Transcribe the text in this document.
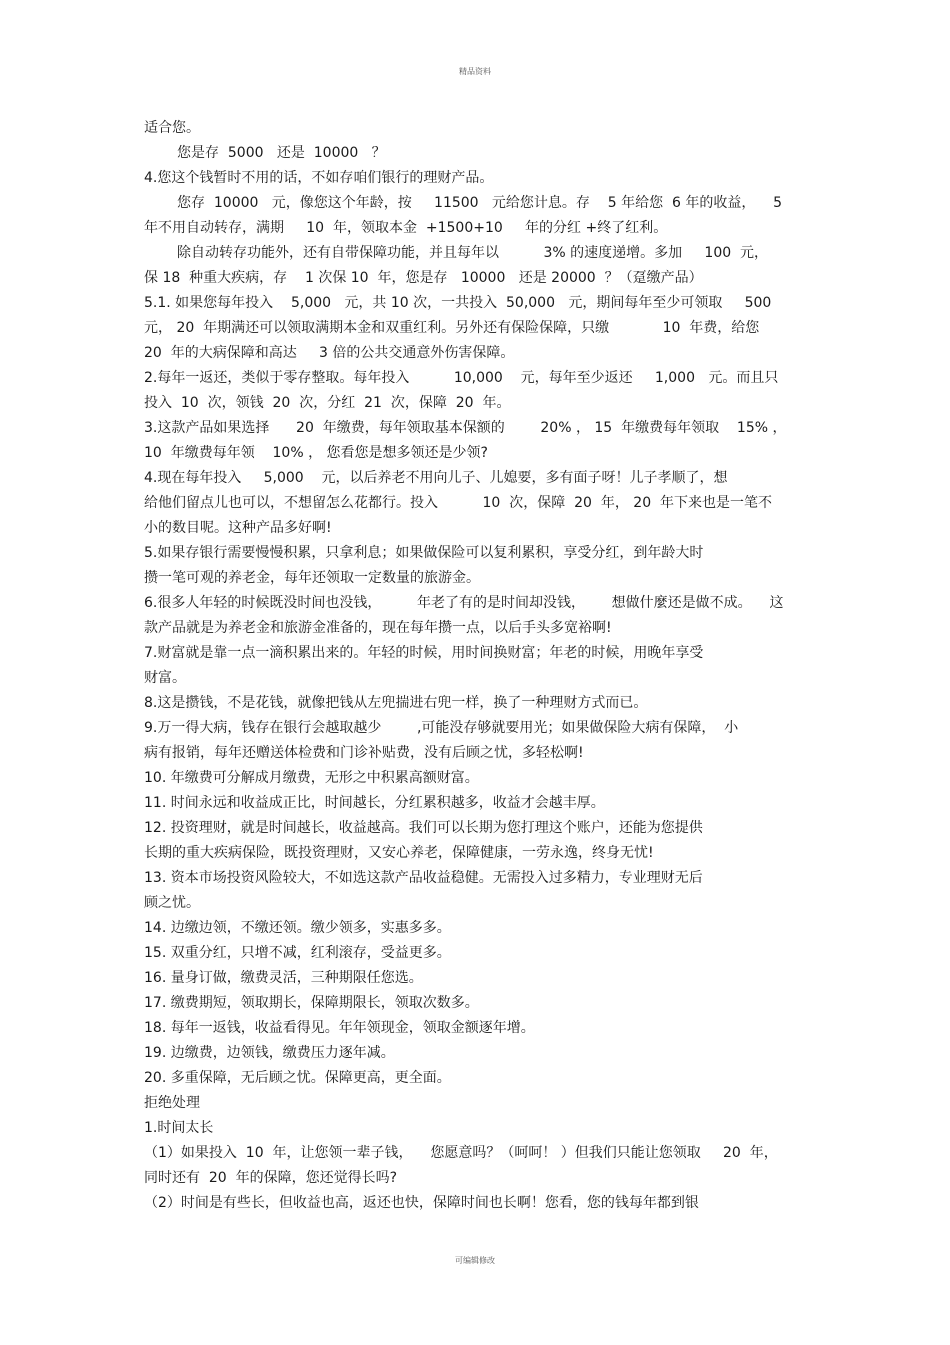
精品资料
适合您。
您是存  5000   还是  10000   ？
4.您这个钱暂时不用的话，不如存咱们银行的理财产品。
您存  10000   元，像您这个年龄，按     11500   元给您计息。存    5 年给您  6 年的收益，    5
年不用自动转存，满期     10  年，领取本金  +1500+10     年的分红 +终了红利。
除自动转存功能外，还有自带保障功能，并且每年以          3% 的速度递增。多加     100  元，
保 18  种重大疾病，存    1 次保 10  年，您是存   10000   还是 20000  ？（趸缴产品）
5.1. 如果您每年投入    5,000   元，共 10 次，一共投入  50,000   元，期间每年至少可领取     500
元， 20  年期满还可以领取满期本金和双重红利。另外还有保险保障，只缴            10  年费，给您
20  年的大病保障和高达     3 倍的公共交通意外伤害保障。
2.每年一返还，类似于零存整取。每年投入          10,000    元，每年至少返还     1,000   元。而且只
投入  10  次，领钱  20  次，分红  21  次，保障  20  年。
3.这款产品如果选择      20  年缴费，每年领取基本保额的        20% ， 15  年缴费每年领取    15% ，
10  年缴费每年领    10% ， 您看您是想多领还是少领?
4.现在每年投入     5,000    元，以后养老不用向儿子、儿媳要，多有面子呀！儿子孝顺了，想
给他们留点儿也可以，不想留怎么花都行。投入          10  次，保障  20  年， 20  年下来也是一笔不
小的数目呢。这种产品多好啊!
5.如果存银行需要慢慢积累，只拿利息；如果做保险可以复利累积，享受分红，到年龄大时
攒一笔可观的养老金，每年还领取一定数量的旅游金。
6.很多人年轻的时候既没时间也没钱，        年老了有的是时间却没钱，      想做什麼还是做不成。    这
款产品就是为养老金和旅游金准备的，现在每年攒一点，以后手头多宽裕啊!
7.财富就是靠一点一滴积累出来的。年轻的时候，用时间换财富；年老的时候，用晚年享受
财富。
8.这是攒钱，不是花钱，就像把钱从左兜揣进右兜一样，换了一种理财方式而已。
9.万一得大病，钱存在银行会越取越少        ,可能没存够就要用光；如果做保险大病有保障，  小
病有报销，每年还赠送体检费和门诊补贴费，没有后顾之忧，多轻松啊!
10. 年缴费可分解成月缴费，无形之中积累高额财富。
11. 时间永远和收益成正比，时间越长，分红累积越多，收益才会越丰厚。
12. 投资理财，就是时间越长，收益越高。我们可以长期为您打理这个账户，还能为您提供
长期的重大疾病保险，既投资理财，又安心养老，保障健康，一劳永逸，终身无忧!
13. 资本市场投资风险较大，不如选这款产品收益稳健。无需投入过多精力，专业理财无后
顾之忧。
14. 边缴边领，不缴还领。缴少领多，实惠多多。
15. 双重分红，只增不减，红利滚存，受益更多。
16. 量身订做，缴费灵活，三种期限任您选。
17. 缴费期短，领取期长，保障期限长，领取次数多。
18. 每年一返钱，收益看得见。年年领现金，领取金额逐年增。
19. 边缴费，边领钱，缴费压力逐年减。
20. 多重保障，无后顾之忧。保障更高，更全面。
拒绝处理
1.时间太长
（1）如果投入  10  年，让您领一辈子钱，    您愿意吗？（呵呵！ ）但我们只能让您领取     20  年，
同时还有  20  年的保障，您还觉得长吗?
（2）时间是有些长，但收益也高，返还也快，保障时间也长啊！您看，您的钱每年都到银
可编辑修改
